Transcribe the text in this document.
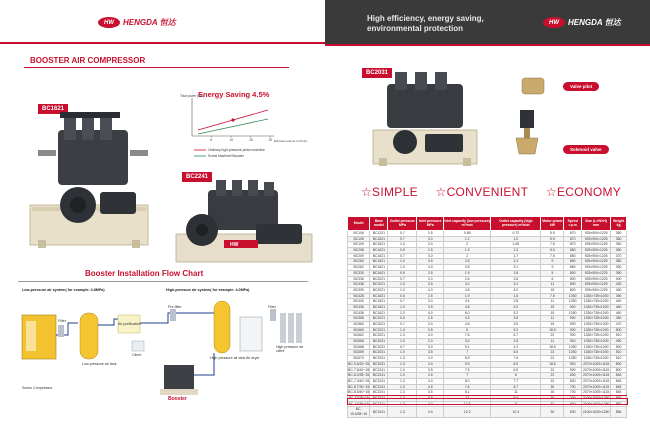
HW	HENGDA 恒达
BOOSTER AIR COMPRESSOR
BC1621
Energy Saving 4.5%
Total power (kW)
Exhaust volume (m³/min)
5	10	15	20
Ordinary high-pressure piston machine
Screw Machine+Booster
BC2241
HW
Booster Installation Flow Chart
Low-pressure air system( for example: 0.8MPa)	High-pressure air system( for example: 4.0MPa)
Screw Compressor
Filter
Low-pressure air tank
Air purification
Client
Pre-filter
Booster
High-pressure air tank Air dryer
Filter
High pressure air client
High efficiency, energy saving,
environmental protection
HW	HENGDA 恒达
BC2031
Valve pilot
Solenoid valve
☆SIMPLE ☆CONVENIENT ☆ECONOMY
Model	Base model	Outlet pressure MPa	Inlet pressure MPa	Inlet capacity (low pressure) m³/min	Outlet capacity (high pressure) m³/min	Motor power kW	Speed r.p.m	Size (L×W×H) mm	Weight kg
BC106	BC1221	0.7	2.5	0.85	0.72	5.5	870	925×900×1225	350
BC108	BC1621	0.7	3.0	1.2	1.0	5.5	870	925×900×1225	350
BC109	BC1621	1.0	3.0	2	1.65	7.5	870	925×900×1225	350
BC208	BC1621	0.5	2.5	1.3	1.3	5.5	850	925×900×1225	350
BC209	BC1621	0.7	3.0	2	1.7	7.5	850	925×900×1225	370
BC260	BC1621	1.0	3.5	2.6	2.4	9	850	925×900×1225	380
BC262	BC1621	1.0	4.0	3.5	3.1	9	860	925×900×1225	390
BC330	BC1621	0.5	2.5	1.9	1.6	5	800	925×900×1225	390
BC336	BC2021	0.7	3.0	2.6	2.6	6	800	925×900×1225	400
BC338	BC2021	1.0	3.5	3.0	3.1	11	800	925×900×1225	430
BC339	BC2021	1.0	4.0	4.5	4.0	15	800	925×900×1225	450
BC428	BC1621	0.5	2.5	1.9	1.6	7.5	1050	1330×735×1000	390
BC430	BC1621	0.7	3.0	3.4	2.8	11	1050	1330×735×1000	440
BC436	BC1621	1.0	3.5	4.6	4.0	15	900	1330×735×1000	460
BC438	BC1621	1.3	4.0	6.0	5.2	15	1050	1330×735×1000	460
BC558	BC2021	0.5	2.5	3.3	2.8	11	900	1330×735×1000	450
BC560	BC2021	0.7	3.0	4.6	3.6	15	900	1330×735×1000	470
BC660	BC2021	1.0	3.5	6	5.2	18.5	900	1330×735×1000	500
BC662	BC2021	1.3	4.0	7.6	6.7	22	900	1330×735×1000	510
BC658	BC2031	1.0	2.0	3.0	2.5	11	900	1330×735×1000	490
BC668	BC2031	0.7	3.0	5.1	4.2	18.5	1050	1330×735×1000	500
BC669	BC2031	1.0	3.5	7	6.0	22	1050	1330×735×1000	510
BC670	BC2031	1.3	4.0	8.9	7.6	22	1050	1330×735×1000	510
BC-9.6/20~15	BC2031	1.3	4.0	9.5	8.0	18.5	900	2070×1000×1115	800
BC-7.5/40~15	BC2241	1.0	3.5	7.5	6.5	22	900	2070×1000×1115	800
BC-6.0/35~15	BC2241	1.0	3.5	7	6	22	630	2070×1000×1115	845
BC-7.3/40~15	BC2241	1.3	4.0	8.0	7.7	22	830	2070×1000×1115	845
BC-8.7/30~15	BC2241	1.0	4.5	7.6	8.7	30	700	2070×1000×1115	845
BC-8.5/40~15	BC2241	1.3	3.5	8.1	11	30	700	2070×1000×1115	845
BC-12/35~15	BC2241	1.3	3.5	12	9.4	30	700	2100×1000×1250	850
BC-14/38~15	BC2241	1.3	4.0	12.8	11	37	600	2100×1000×1250	850
BC-15.6/35~15	BC2241	1.3	4.0	12.2	10.4	30	630	2100×1000×1250	855
